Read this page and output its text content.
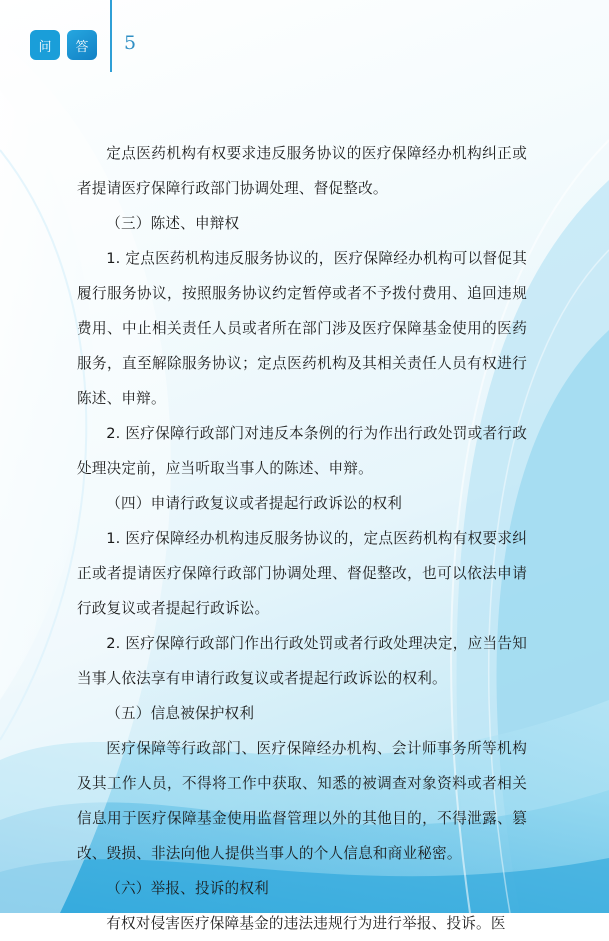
问	答	5

定点医药机构有权要求违反服务协议的医疗保障经办机构纠正或者提请医疗保障行政部门协调处理、督促整改。

（三）陈述、申辩权

1. 定点医药机构违反服务协议的，医疗保障经办机构可以督促其履行服务协议，按照服务协议约定暂停或者不予拨付费用、追回违规费用、中止相关责任人员或者所在部门涉及医疗保障基金使用的医药服务，直至解除服务协议；定点医药机构及其相关责任人员有权进行陈述、申辩。

2. 医疗保障行政部门对违反本条例的行为作出行政处罚或者行政处理决定前，应当听取当事人的陈述、申辩。

（四）申请行政复议或者提起行政诉讼的权利

1. 医疗保障经办机构违反服务协议的，定点医药机构有权要求纠正或者提请医疗保障行政部门协调处理、督促整改，也可以依法申请行政复议或者提起行政诉讼。

2. 医疗保障行政部门作出行政处罚或者行政处理决定，应当告知当事人依法享有申请行政复议或者提起行政诉讼的权利。

（五）信息被保护权利

医疗保障等行政部门、医疗保障经办机构、会计师事务所等机构及其工作人员，不得将工作中获取、知悉的被调查对象资料或者相关信息用于医疗保障基金使用监督管理以外的其他目的，不得泄露、篡改、毁损、非法向他人提供当事人的个人信息和商业秘密。

（六）举报、投诉的权利

有权对侵害医疗保障基金的违法违规行为进行举报、投诉。医
